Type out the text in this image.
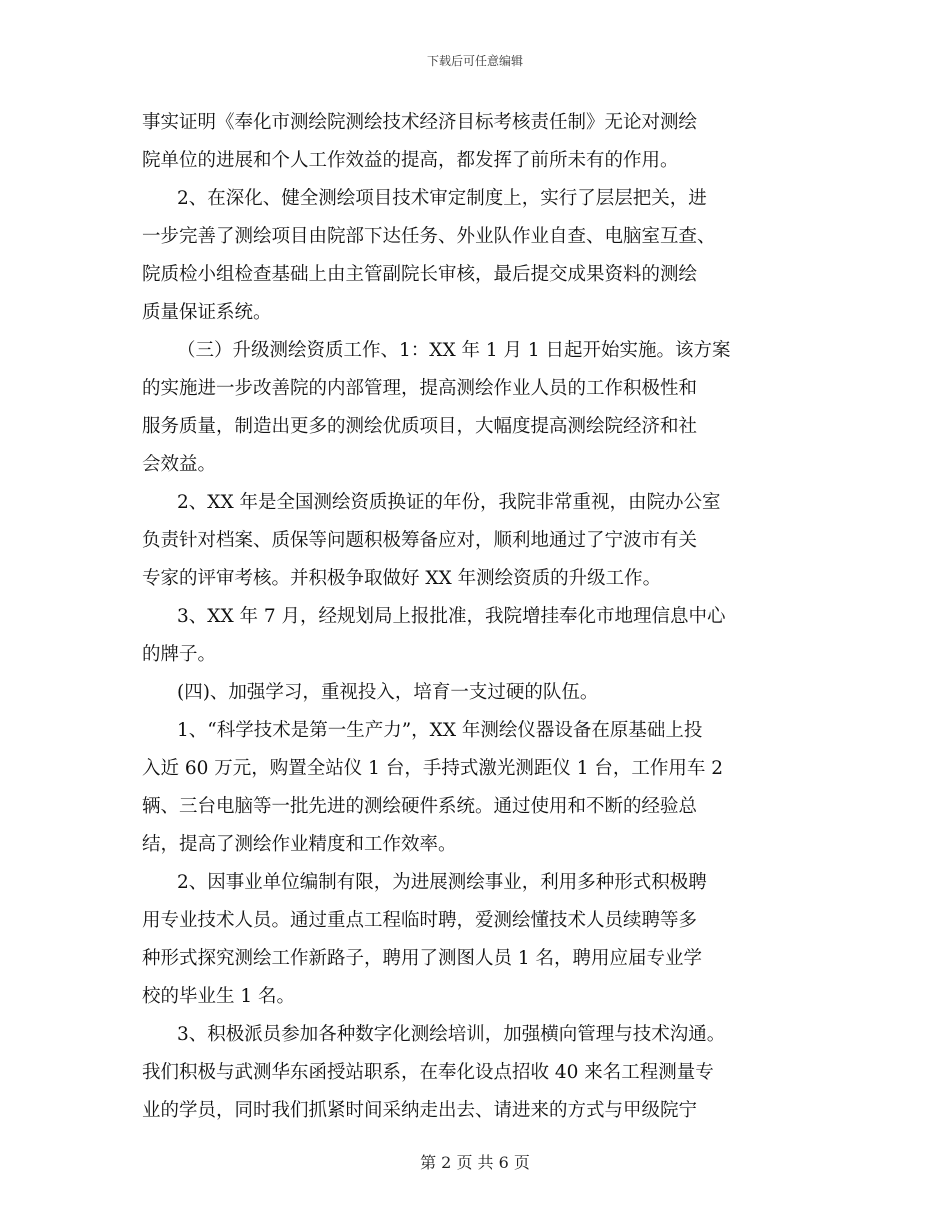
下载后可任意编辑
事实证明《奉化市测绘院测绘技术经济目标考核责任制》无论对测绘
院单位的进展和个人工作效益的提高，都发挥了前所未有的作用。
2、在深化、健全测绘项目技术审定制度上，实行了层层把关，进
一步完善了测绘项目由院部下达任务、外业队作业自查、电脑室互查、
院质检小组检查基础上由主管副院长审核，最后提交成果资料的测绘
质量保证系统。
（三）升级测绘资质工作、1：XX 年 1 月 1 日起开始实施。该方案
的实施进一步改善院的内部管理，提高测绘作业人员的工作积极性和
服务质量，制造出更多的测绘优质项目，大幅度提高测绘院经济和社
会效益。
2、XX 年是全国测绘资质换证的年份，我院非常重视，由院办公室
负责针对档案、质保等问题积极筹备应对，顺利地通过了宁波市有关
专家的评审考核。并积极争取做好 XX 年测绘资质的升级工作。
3、XX 年 7 月，经规划局上报批准，我院增挂奉化市地理信息中心
的牌子。
(四)、加强学习，重视投入，培育一支过硬的队伍。
1、“科学技术是第一生产力”，XX 年测绘仪器设备在原基础上投
入近 60 万元，购置全站仪 1 台，手持式激光测距仪 1 台，工作用车 2
辆、三台电脑等一批先进的测绘硬件系统。通过使用和不断的经验总
结，提高了测绘作业精度和工作效率。
2、因事业单位编制有限，为进展测绘事业，利用多种形式积极聘
用专业技术人员。通过重点工程临时聘，爱测绘懂技术人员续聘等多
种形式探究测绘工作新路子，聘用了测图人员 1 名，聘用应届专业学
校的毕业生 1 名。
3、积极派员参加各种数字化测绘培训，加强横向管理与技术沟通。
我们积极与武测华东函授站职系，在奉化设点招收 40 来名工程测量专
业的学员，同时我们抓紧时间采纳走出去、请进来的方式与甲级院宁
第 2 页 共 6 页
